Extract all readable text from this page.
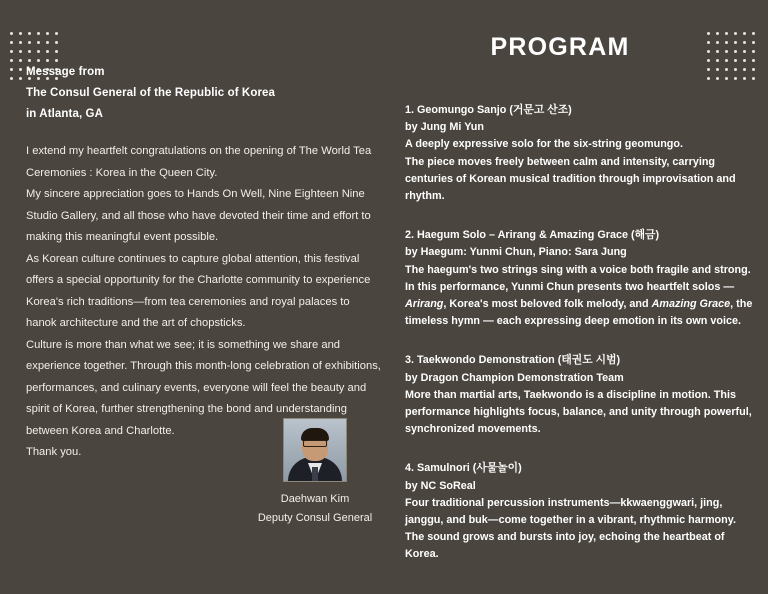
Message from
The Consul General of the Republic of Korea
in Atlanta, GA

I extend my heartfelt congratulations on the opening of The World Tea Ceremonies : Korea in the Queen City.

My sincere appreciation goes to Hands On Well, Nine Eighteen Nine Studio Gallery, and all those who have devoted their time and effort to making this meaningful event possible.

As Korean culture continues to capture global attention, this festival offers a special opportunity for the Charlotte community to experience Korea's rich traditions—from tea ceremonies and royal palaces to hanok architecture and the art of chopsticks.

Culture is more than what we see; it is something we share and experience together. Through this month-long celebration of exhibitions, performances, and culinary events, everyone will feel the beauty and spirit of Korea, further strengthening the bond and understanding between Korea and Charlotte.

Thank you.

Daehwan Kim
Deputy Consul General
PROGRAM
1. Geomungo Sanjo (거문고 산조)
by Jung Mi Yun
A deeply expressive solo for the six-string geomungo.
The piece moves freely between calm and intensity, carrying centuries of Korean musical tradition through improvisation and rhythm.
2. Haegum Solo – Arirang & Amazing Grace (해금)
by Haegum: Yunmi Chun, Piano: Sara Jung
The haegum's two strings sing with a voice both fragile and strong.
In this performance, Yunmi Chun presents two heartfelt solos — Arirang, Korea's most beloved folk melody, and Amazing Grace, the timeless hymn — each expressing deep emotion in its own voice.
3. Taekwondo Demonstration (태권도 시범)
by Dragon Champion Demonstration Team
More than martial arts, Taekwondo is a discipline in motion. This performance highlights focus, balance, and unity through powerful, synchronized movements.
4. Samulnori (사물놀이)
by NC SoReal
Four traditional percussion instruments—kkwaenggwari, jing, janggu, and buk—come together in a vibrant, rhythmic harmony.
The sound grows and bursts into joy, echoing the heartbeat of Korea.
